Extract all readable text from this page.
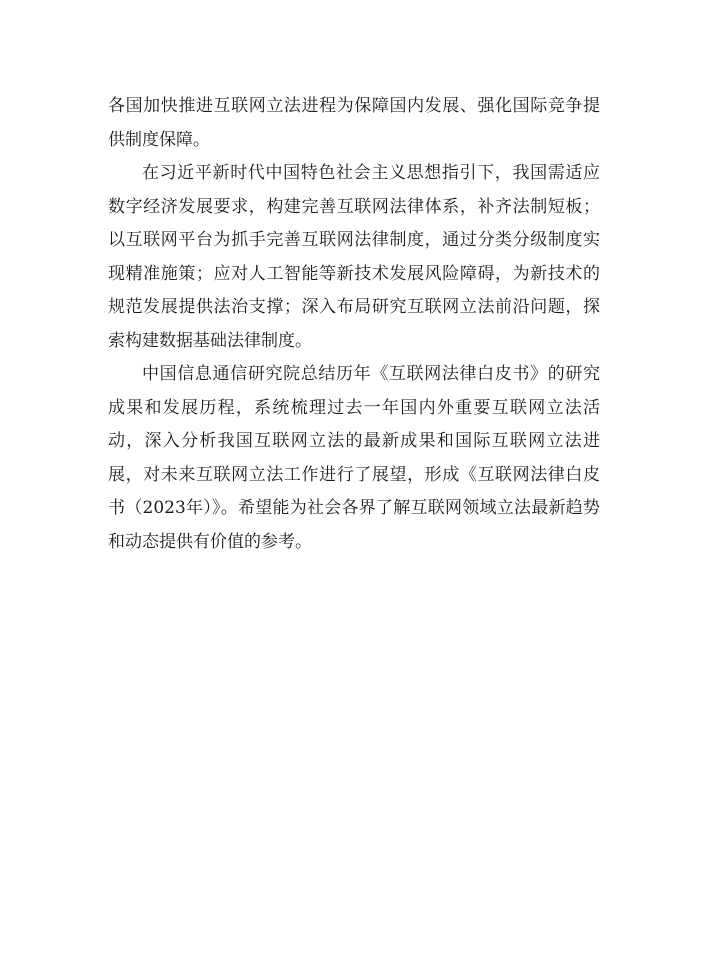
各国加快推进互联网立法进程为保障国内发展、强化国际竞争提供制度保障。

在习近平新时代中国特色社会主义思想指引下，我国需适应数字经济发展要求，构建完善互联网法律体系，补齐法制短板；以互联网平台为抓手完善互联网法律制度，通过分类分级制度实现精准施策；应对人工智能等新技术发展风险障碍，为新技术的规范发展提供法治支撑；深入布局研究互联网立法前沿问题，探索构建数据基础法律制度。

中国信息通信研究院总结历年《互联网法律白皮书》的研究成果和发展历程，系统梳理过去一年国内外重要互联网立法活动，深入分析我国互联网立法的最新成果和国际互联网立法进展，对未来互联网立法工作进行了展望，形成《互联网法律白皮书（2023年）》。希望能为社会各界了解互联网领域立法最新趋势和动态提供有价值的参考。
